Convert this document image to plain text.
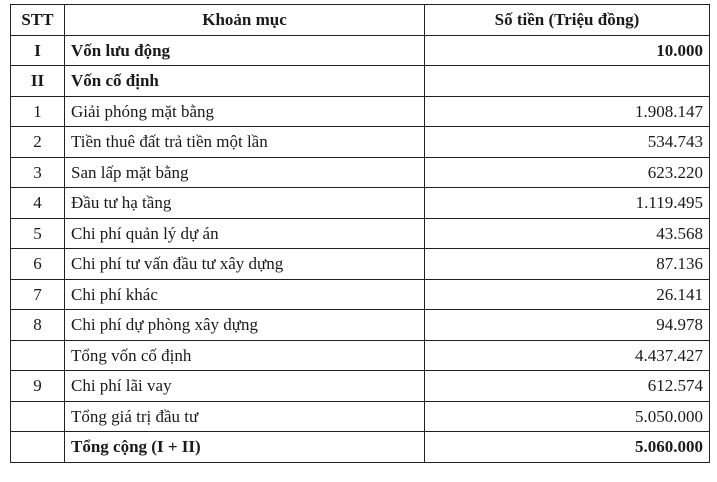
STT	Khoản mục	Số tiền (Triệu đồng)
I	Vốn lưu động	10.000
II	Vốn cố định	
1	Giải phóng mặt bằng	1.908.147
2	Tiền thuê đất trả tiền một lần	534.743
3	San lấp mặt bằng	623.220
4	Đầu tư hạ tầng	1.119.495
5	Chi phí quản lý dự án	43.568
6	Chi phí tư vấn đầu tư xây dựng	87.136
7	Chi phí khác	26.141
8	Chi phí dự phòng xây dựng	94.978
	Tổng vốn cố định	4.437.427
9	Chi phí lãi vay	612.574
	Tổng giá trị đầu tư	5.050.000
	Tổng cộng (I + II)	5.060.000
